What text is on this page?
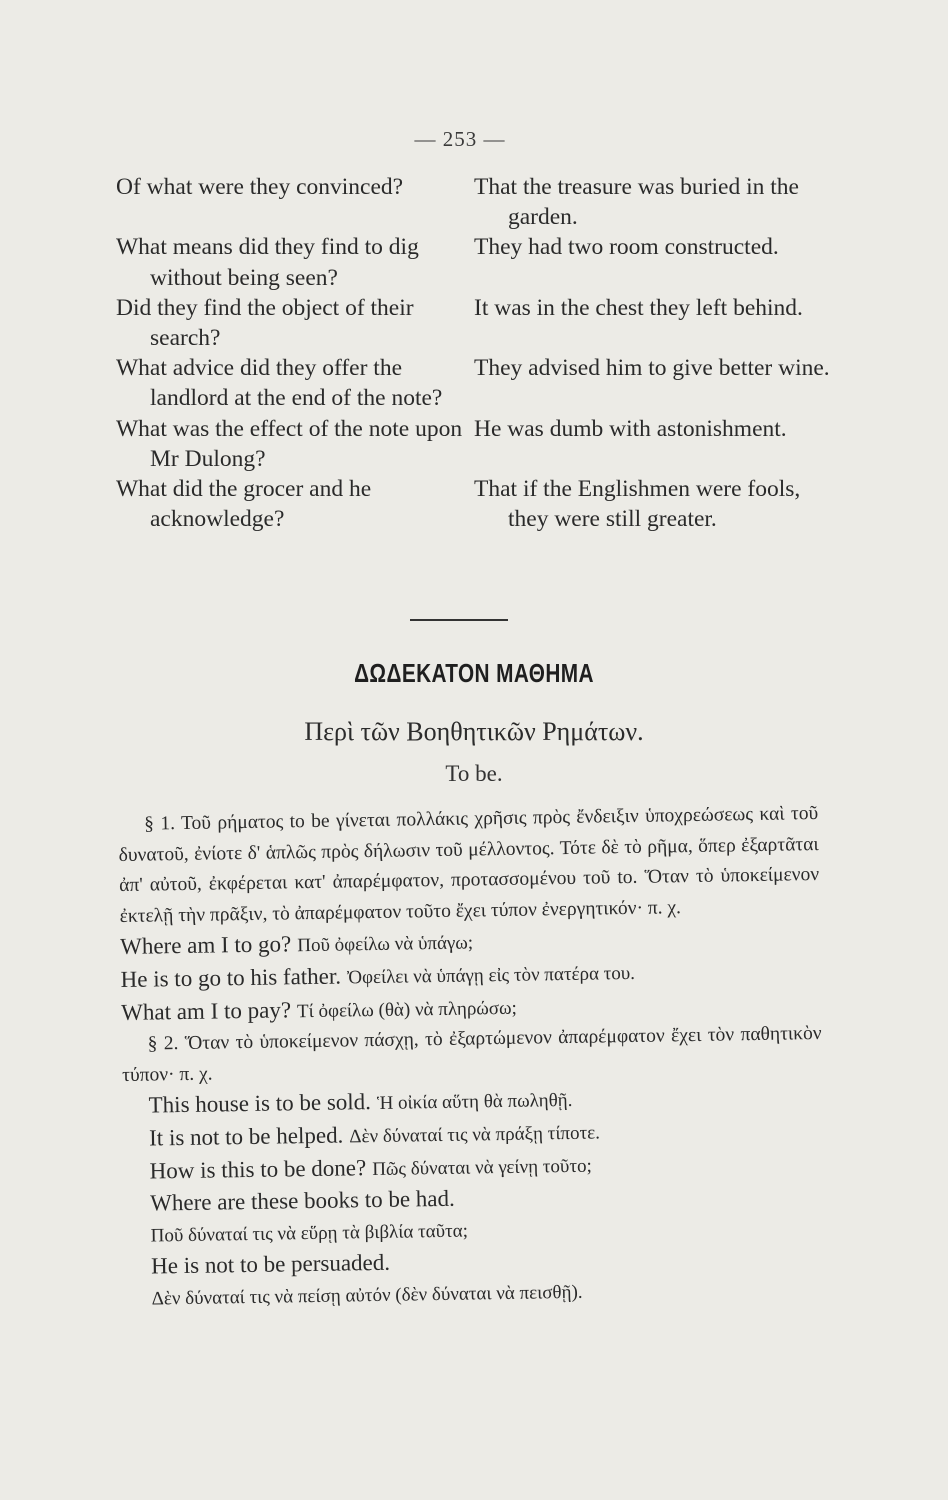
— 253 —
Of what were they convinced?	That the treasure was buried in the garden.
What means did they find to dig without being seen?
They had two room constructed.
Did they find the object of their search?
It was in the chest they left behind.
What advice did they offer the landlord at the end of the note?
They advised him to give better wine.
What was the effect of the note upon Mr Dulong?
He was dumb with astonishment.
What did the grocer and he acknowledge?
That if the Englishmen were fools, they were still greater.
ΔΩΔΕΚΑΤΟΝ ΜΑΘΗΜΑ
Περὶ τῶν Βοηθητικῶν Ρημάτων.
To be.

§ 1. Τοῦ ρήματος to be γίνεται πολλάκις χρῆσις πρὸς ἔνδειξιν ὑποχρεώσεως καὶ τοῦ δυνατοῦ, ἐνίοτε δ' ἁπλῶς πρὸς δήλωσιν τοῦ μέλλοντος. Τότε δὲ τὸ ρῆμα, ὅπερ ἐξαρτᾶται ἀπ' αὐτοῦ, ἐκφέρεται κατ' ἀπαρέμφατον, προτασσομένου τοῦ to. Ὅταν τὸ ὑποκείμενον ἐκτελῇ τὴν πρᾶξιν, τὸ ἀπαρέμφατον τοῦτο ἔχει τύπον ἐνεργητικόν· π. χ.

Where am I to go? Ποῦ ὀφείλω νὰ ὑπάγω;

He is to go to his father. Ὀφείλει νὰ ὑπάγῃ εἰς τὸν πατέρα του.

What am I to pay? Τί ὀφείλω (θὰ) νὰ πληρώσω;

§ 2. Ὅταν τὸ ὑποκείμενον πάσχῃ, τὸ ἐξαρτώμενον ἀπαρέμφατον ἔχει τὸν παθητικὸν τύπον· π. χ.

This house is to be sold. Ἡ οἰκία αὕτη θὰ πωληθῇ.

It is not to be helped. Δὲν δύναταί τις νὰ πράξῃ τίποτε.

How is this to be done? Πῶς δύναται νὰ γείνῃ τοῦτο;

Where are these books to be had.

Ποῦ δύναταί τις νὰ εὕρῃ τὰ βιβλία ταῦτα;

He is not to be persuaded.

Δὲν δύναταί τις νὰ πείσῃ αὐτόν (δὲν δύναται νὰ πεισθῇ).
